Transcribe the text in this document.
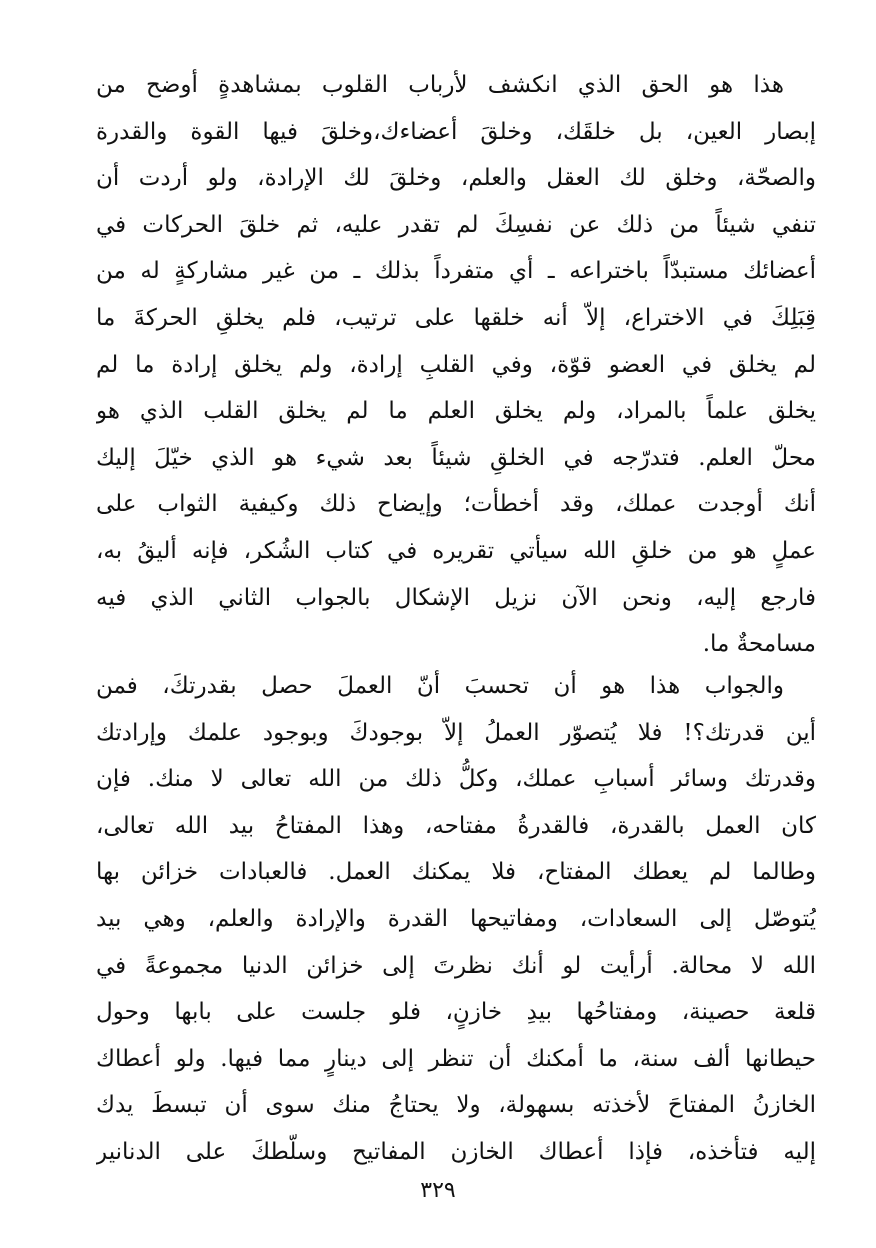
هذا هو الحق الذي انكشف لأرباب القلوب بمشاهدةٍ أوضح من
إبصار العين، بل خلقَك، وخلقَ أعضاءك،وخلقَ فيها القوة والقدرة
والصحّة، وخلق لك العقل والعلم، وخلقَ لك الإرادة، ولو أردت أن
تنفي شيئاً من ذلك عن نفسِكَ لم تقدر عليه، ثم خلقَ الحركات في
أعضائك مستبدّاً باختراعه ـ أي متفرداً بذلك ـ من غير مشاركةٍ له من
قِبَلِكَ في الاختراع، إلاّ أنه خلقها على ترتيب، فلم يخلقِ الحركةَ ما
لم يخلق في العضو قوّة، وفي القلبِ إرادة، ولم يخلق إرادة ما لم
يخلق علماً بالمراد، ولم يخلق العلم ما لم يخلق القلب الذي هو
محلّ العلم. فتدرّجه في الخلقِ شيئاً بعد شيء هو الذي خيّلَ إليك
أنك أوجدت عملك، وقد أخطأت؛ وإيضاح ذلك وكيفية الثواب على
عملٍ هو من خلقِ الله سيأتي تقريره في كتاب الشُكر، فإنه أليقُ به،
فارجع إليه، ونحن الآن نزيل الإشكال بالجواب الثاني الذي فيه
مسامحةٌ ما.
والجواب هذا هو أن تحسبَ أنّ العملَ حصل بقدرتكَ، فمن
أين قدرتك؟! فلا يُتصوّر العملُ إلاّ بوجودكَ وبوجود علمك وإرادتك
وقدرتك وسائر أسبابِ عملك، وكلُّ ذلك من الله تعالى لا منك. فإن
كان العمل بالقدرة، فالقدرةُ مفتاحه، وهذا المفتاحُ بيد الله تعالى،
وطالما لم يعطك المفتاح، فلا يمكنك العمل. فالعبادات خزائن بها
يُتوصّل إلى السعادات، ومفاتيحها القدرة والإرادة والعلم، وهي بيد
الله لا محالة. أرأيت لو أنك نظرتَ إلى خزائن الدنيا مجموعةً في
قلعة حصينة، ومفتاحُها بيدِ خازنٍ، فلو جلست على بابها وحول
حيطانها ألف سنة، ما أمكنك أن تنظر إلى دينارٍ مما فيها. ولو أعطاك
الخازنُ المفتاحَ لأخذته بسهولة، ولا يحتاجُ منك سوى أن تبسطَ يدك
إليه فتأخذه، فإذا أعطاك الخازن المفاتيح وسلّطكَ على الدنانير
٣٢٩
